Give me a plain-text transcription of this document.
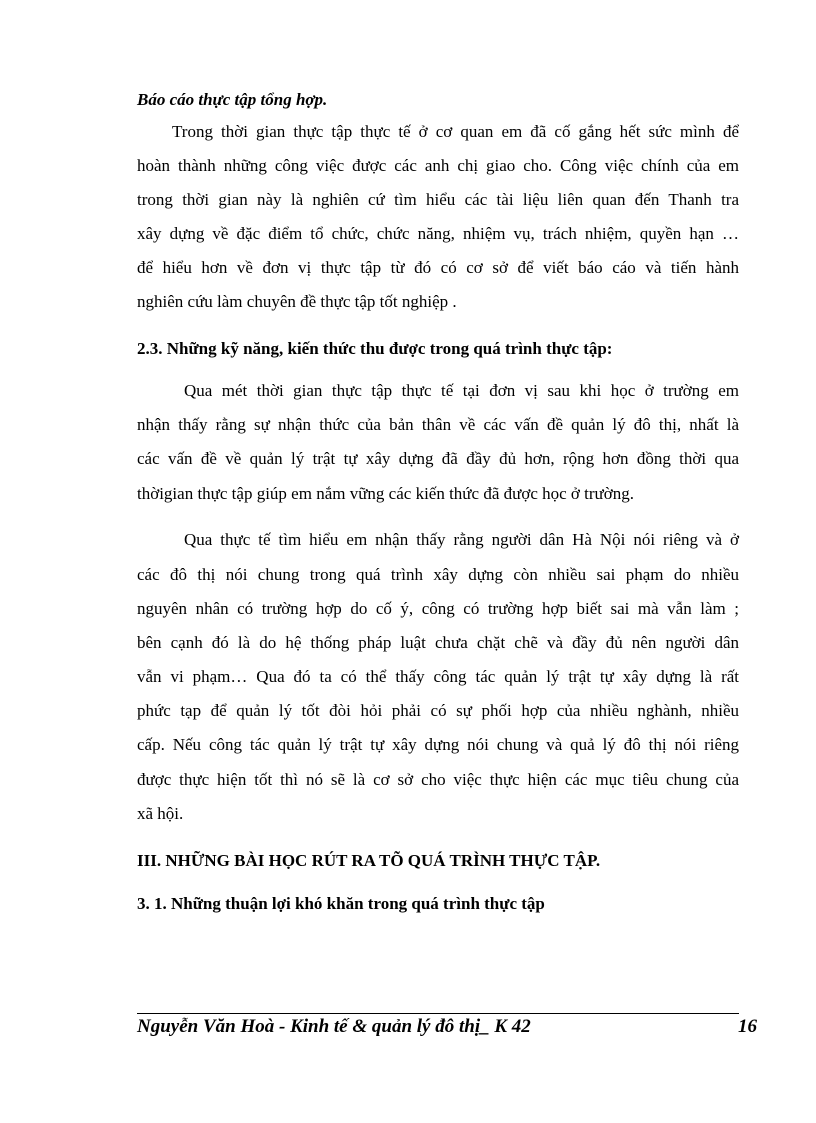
Báo cáo thực tập tổng hợp.
Trong thời gian thực tập thực tế ở cơ quan em đã cố gắng hết sức mình để
hoàn thành những công việc được các anh chị giao cho. Công việc chính của em
trong thời gian này là nghiên cứ tìm hiểu các tài liệu liên quan đến Thanh tra
xây dựng về đặc điểm tổ chức, chức năng, nhiệm vụ, trách nhiệm, quyền hạn …
để hiểu hơn về đơn vị thực tập từ đó có cơ sở để viết báo cáo và tiến hành
nghiên cứu làm chuyên đề thực tập tốt nghiệp .
2.3. Những kỹ năng, kiến thức thu được trong quá trình thực tập:
Qua mét thời gian thực tập thực tế tại đơn vị sau khi học ở trường em
nhận thấy rằng sự nhận thức của bản thân về các vấn đề quản lý đô thị, nhất là
các vấn đề về quản lý trật tự xây dựng đã đầy đủ hơn, rộng hơn đồng thời qua
thờigian thực tập giúp em nắm vững các kiến thức đã được học ở trường.
Qua thực tế tìm hiểu em nhận thấy rằng người dân Hà Nội nói riêng và ở
các đô thị nói chung trong quá trình xây dựng còn nhiều sai phạm do nhiều
nguyên nhân có trường hợp do cố ý, công có trường hợp biết sai mà vẫn làm ;
bên cạnh đó là do hệ thống pháp luật chưa chặt chẽ và đầy đủ nên người dân
vẫn vi phạm… Qua đó ta có thể thấy công tác quản lý trật tự xây dựng là rất
phức tạp để quản lý tốt đòi hỏi phải có sự phối hợp của nhiều nghành, nhiều
cấp. Nếu công tác quản lý trật tự xây dựng nói chung và quả lý đô thị nói riêng
được thực hiện tốt thì nó sẽ là cơ sở cho việc thực hiện các mục tiêu chung của
xã hội.
III. NHỮNG BÀI HỌC RÚT RA TÕ QUÁ TRÌNH THỰC TẬP.
3. 1. Những thuận lợi khó khăn trong quá trình thực tập
Nguyễn Văn Hoà - Kinh tế & quản lý đô thị_ K 42	16
